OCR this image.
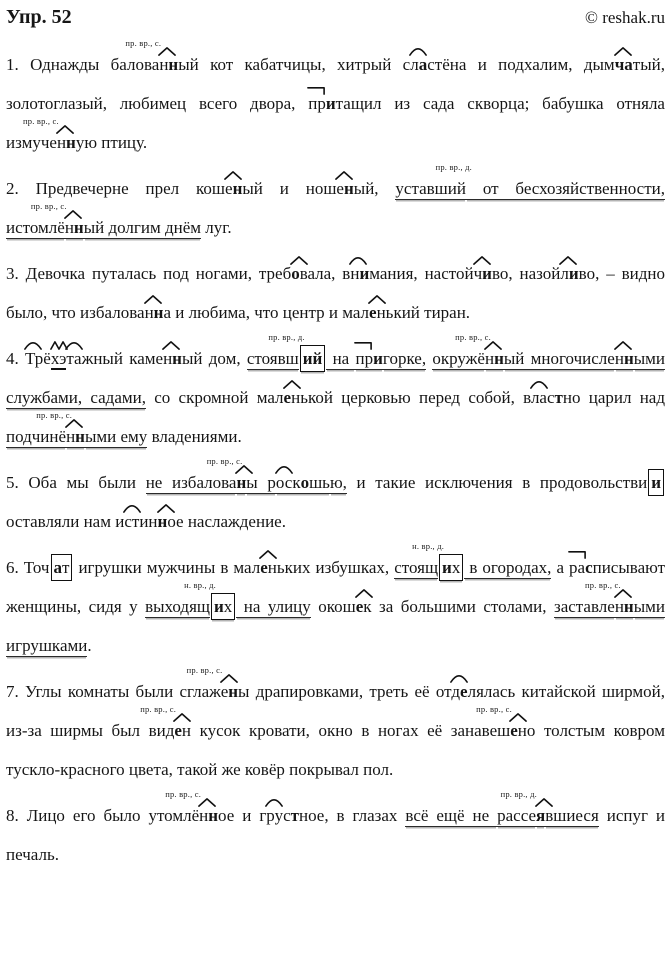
Упр. 52	© reshak.ru

1. Однажды балованн
пр. вр., с.
ый кот кабатчицы, хитрый сласт
ёна и подхалим, дымча
тый, золотоглазый, любимец всего двора, при
тащил из сада скворца; бабушка отняла измученн
пр. вр., с.
ую птицу.

2. Предвечерне прел кошен
ый и ношен
ый, уставший
пр. вр., д.
от бесхозяйственности, истомлённ
пр. вр., с.
ый долгим днём луг.

3. Девочка путалась под ногами, требова
ла, внима
ния, настойчи
во, назойли
во, – видно было, что избалованн
а и любима, что центр и малень
кий тиран.

4. Трё
хэ
таж
ный каменн
ый дом, стоявш
пр. вр., д.
ий на при
горке, окружё
пр. вр., с.
нн
ый многочисленн
ыми службами, садами, со скромной малень
кой церковью перед собой, власт
но царил над подчинё
пр. вр., с.
нн
ыми ему владениями.

5. Оба мы были не избалова
пр. вр., с.
н
ы роскошь
ю, и такие исключения в продовольстви и оставляли нам истин
н
ое наслаждение.

6. Точ ат игрушки мужчины в малень
ких избушках, стоящ
н. вр., д.
их в огородах, а рас
писывают женщины, сидя у выходящ
н. вр., д.
их на улицу окошек
за большими столами, заставле
пр. вр., с.
нн
ыми игрушками.

7. Углы комнаты были сглажен
пр. вр., с.
ы драпировками, треть её отдел
ялась китайской ширмой, из-за ширмы был виден
пр. вр., с.
кусок кровати, окно в ногах её занавешен
пр. вр., с.
о толстым ковром тускло-красного цвета, такой же ковёр покрывал пол.

8. Лицо его было утомлённ
пр. вр., с.
ое и груст
ное, в глазах всё ещё не рассея
пр. вр., д.
вшиеся испуг и печаль.
